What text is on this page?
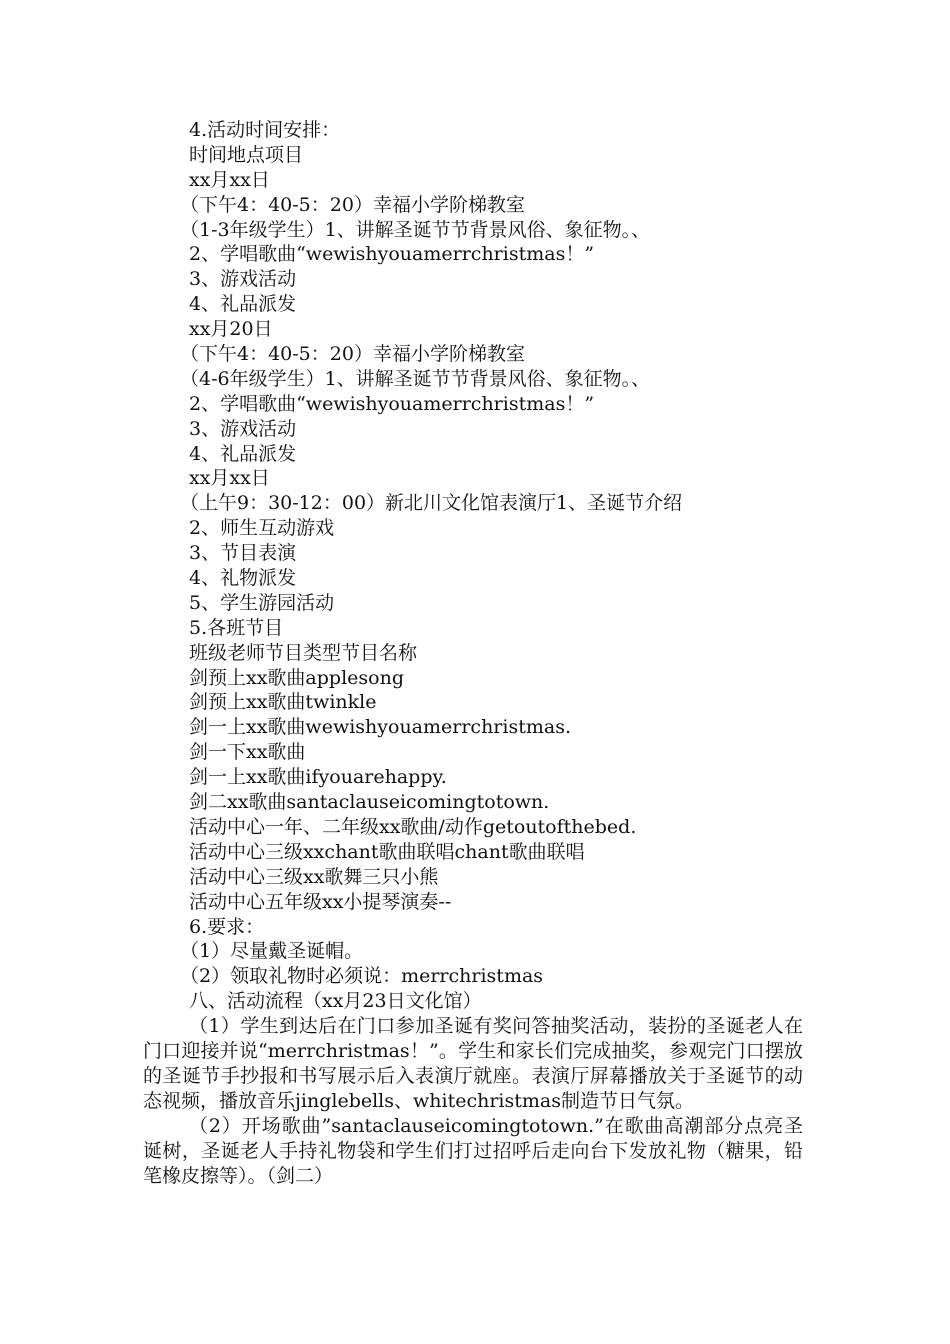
4.活动时间安排：
时间地点项目
xx月xx日
（下午4：40-5：20）幸福小学阶梯教室
（1-3年级学生）1、讲解圣诞节节背景风俗、象征物。、
2、学唱歌曲“wewishyouamerrchristmas！”
3、游戏活动
4、礼品派发
xx月20日
（下午4：40-5：20）幸福小学阶梯教室
（4-6年级学生）1、讲解圣诞节节背景风俗、象征物。、
2、学唱歌曲“wewishyouamerrchristmas！”
3、游戏活动
4、礼品派发
xx月xx日
（上午9：30-12：00）新北川文化馆表演厅1、圣诞节介绍
2、师生互动游戏
3、节目表演
4、礼物派发
5、学生游园活动
5.各班节目
班级老师节目类型节目名称
剑预上xx歌曲applesong
剑预上xx歌曲twinkle
剑一上xx歌曲wewishyouamerrchristmas.
剑一下xx歌曲
剑一上xx歌曲ifyouarehappy.
剑二xx歌曲santaclauseicomingtotown.
活动中心一年、二年级xx歌曲/动作getoutofthebed.
活动中心三级xxchant歌曲联唱chant歌曲联唱
活动中心三级xx歌舞三只小熊
活动中心五年级xx小提琴演奏--
6.要求：
（1）尽量戴圣诞帽。
（2）领取礼物时必须说：merrchristmas
八、活动流程（xx月23日文化馆）
（1）学生到达后在门口参加圣诞有奖问答抽奖活动，装扮的圣诞老人在门口迎接并说“merrchristmas！”。学生和家长们完成抽奖，参观完门口摆放的圣诞节手抄报和书写展示后入表演厅就座。表演厅屏幕播放关于圣诞节的动态视频，播放音乐jinglebells、whitechristmas制造节日气氛。
（2）开场歌曲”santaclauseicomingtotown.”在歌曲高潮部分点亮圣诞树，圣诞老人手持礼物袋和学生们打过招呼后走向台下发放礼物（糖果，铅笔橡皮擦等）。（剑二）
